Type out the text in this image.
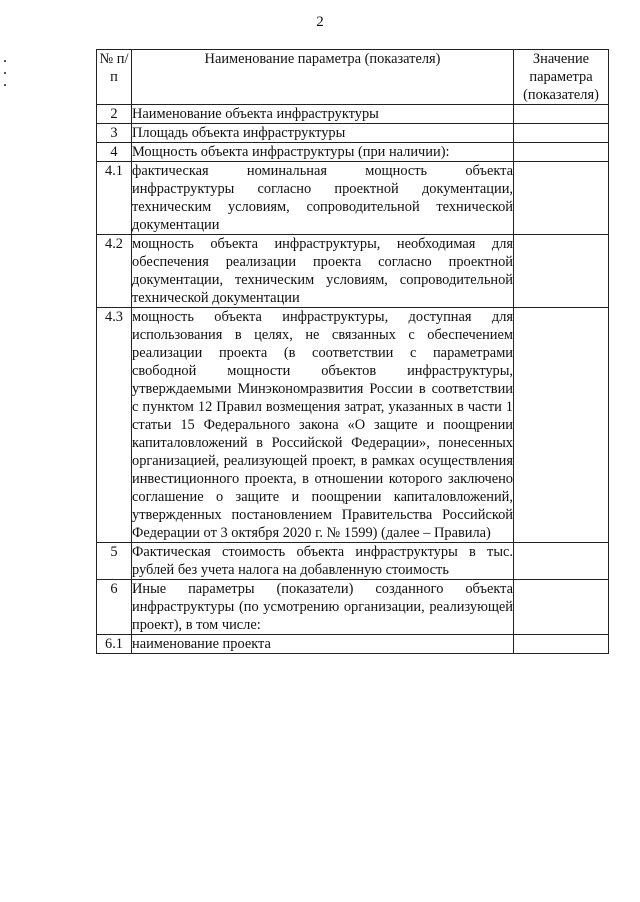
2
№ п/п	Наименование параметра (показателя)	Значение параметра (показателя)
2	Наименование объекта инфраструктуры	
3	Площадь объекта инфраструктуры	
4	Мощность объекта инфраструктуры (при наличии):	
4.1	фактическая номинальная мощность объекта инфраструктуры согласно проектной документации, техническим условиям, сопроводительной технической документации	
4.2	мощность объекта инфраструктуры, необходимая для обеспечения реализации проекта согласно проектной документации, техническим условиям, сопроводительной технической документации	
4.3	мощность объекта инфраструктуры, доступная для использования в целях, не связанных с обеспечением реализации проекта (в соответствии с параметрами свободной мощности объектов инфраструктуры, утверждаемыми Минэкономразвития России в соответствии с пунктом 12 Правил возмещения затрат, указанных в части 1 статьи 15 Федерального закона «О защите и поощрении капиталовложений в Российской Федерации», понесенных организацией, реализующей проект, в рамках осуществления инвестиционного проекта, в отношении которого заключено соглашение о защите и поощрении капиталовложений, утвержденных постановлением Правительства Российской Федерации от 3 октября 2020 г. № 1599) (далее – Правила)	
5	Фактическая стоимость объекта инфраструктуры в тыс. рублей без учета налога на добавленную стоимость	
6	Иные параметры (показатели) созданного объекта инфраструктуры (по усмотрению организации, реализующей проект), в том числе:	
6.1	наименование проекта	
